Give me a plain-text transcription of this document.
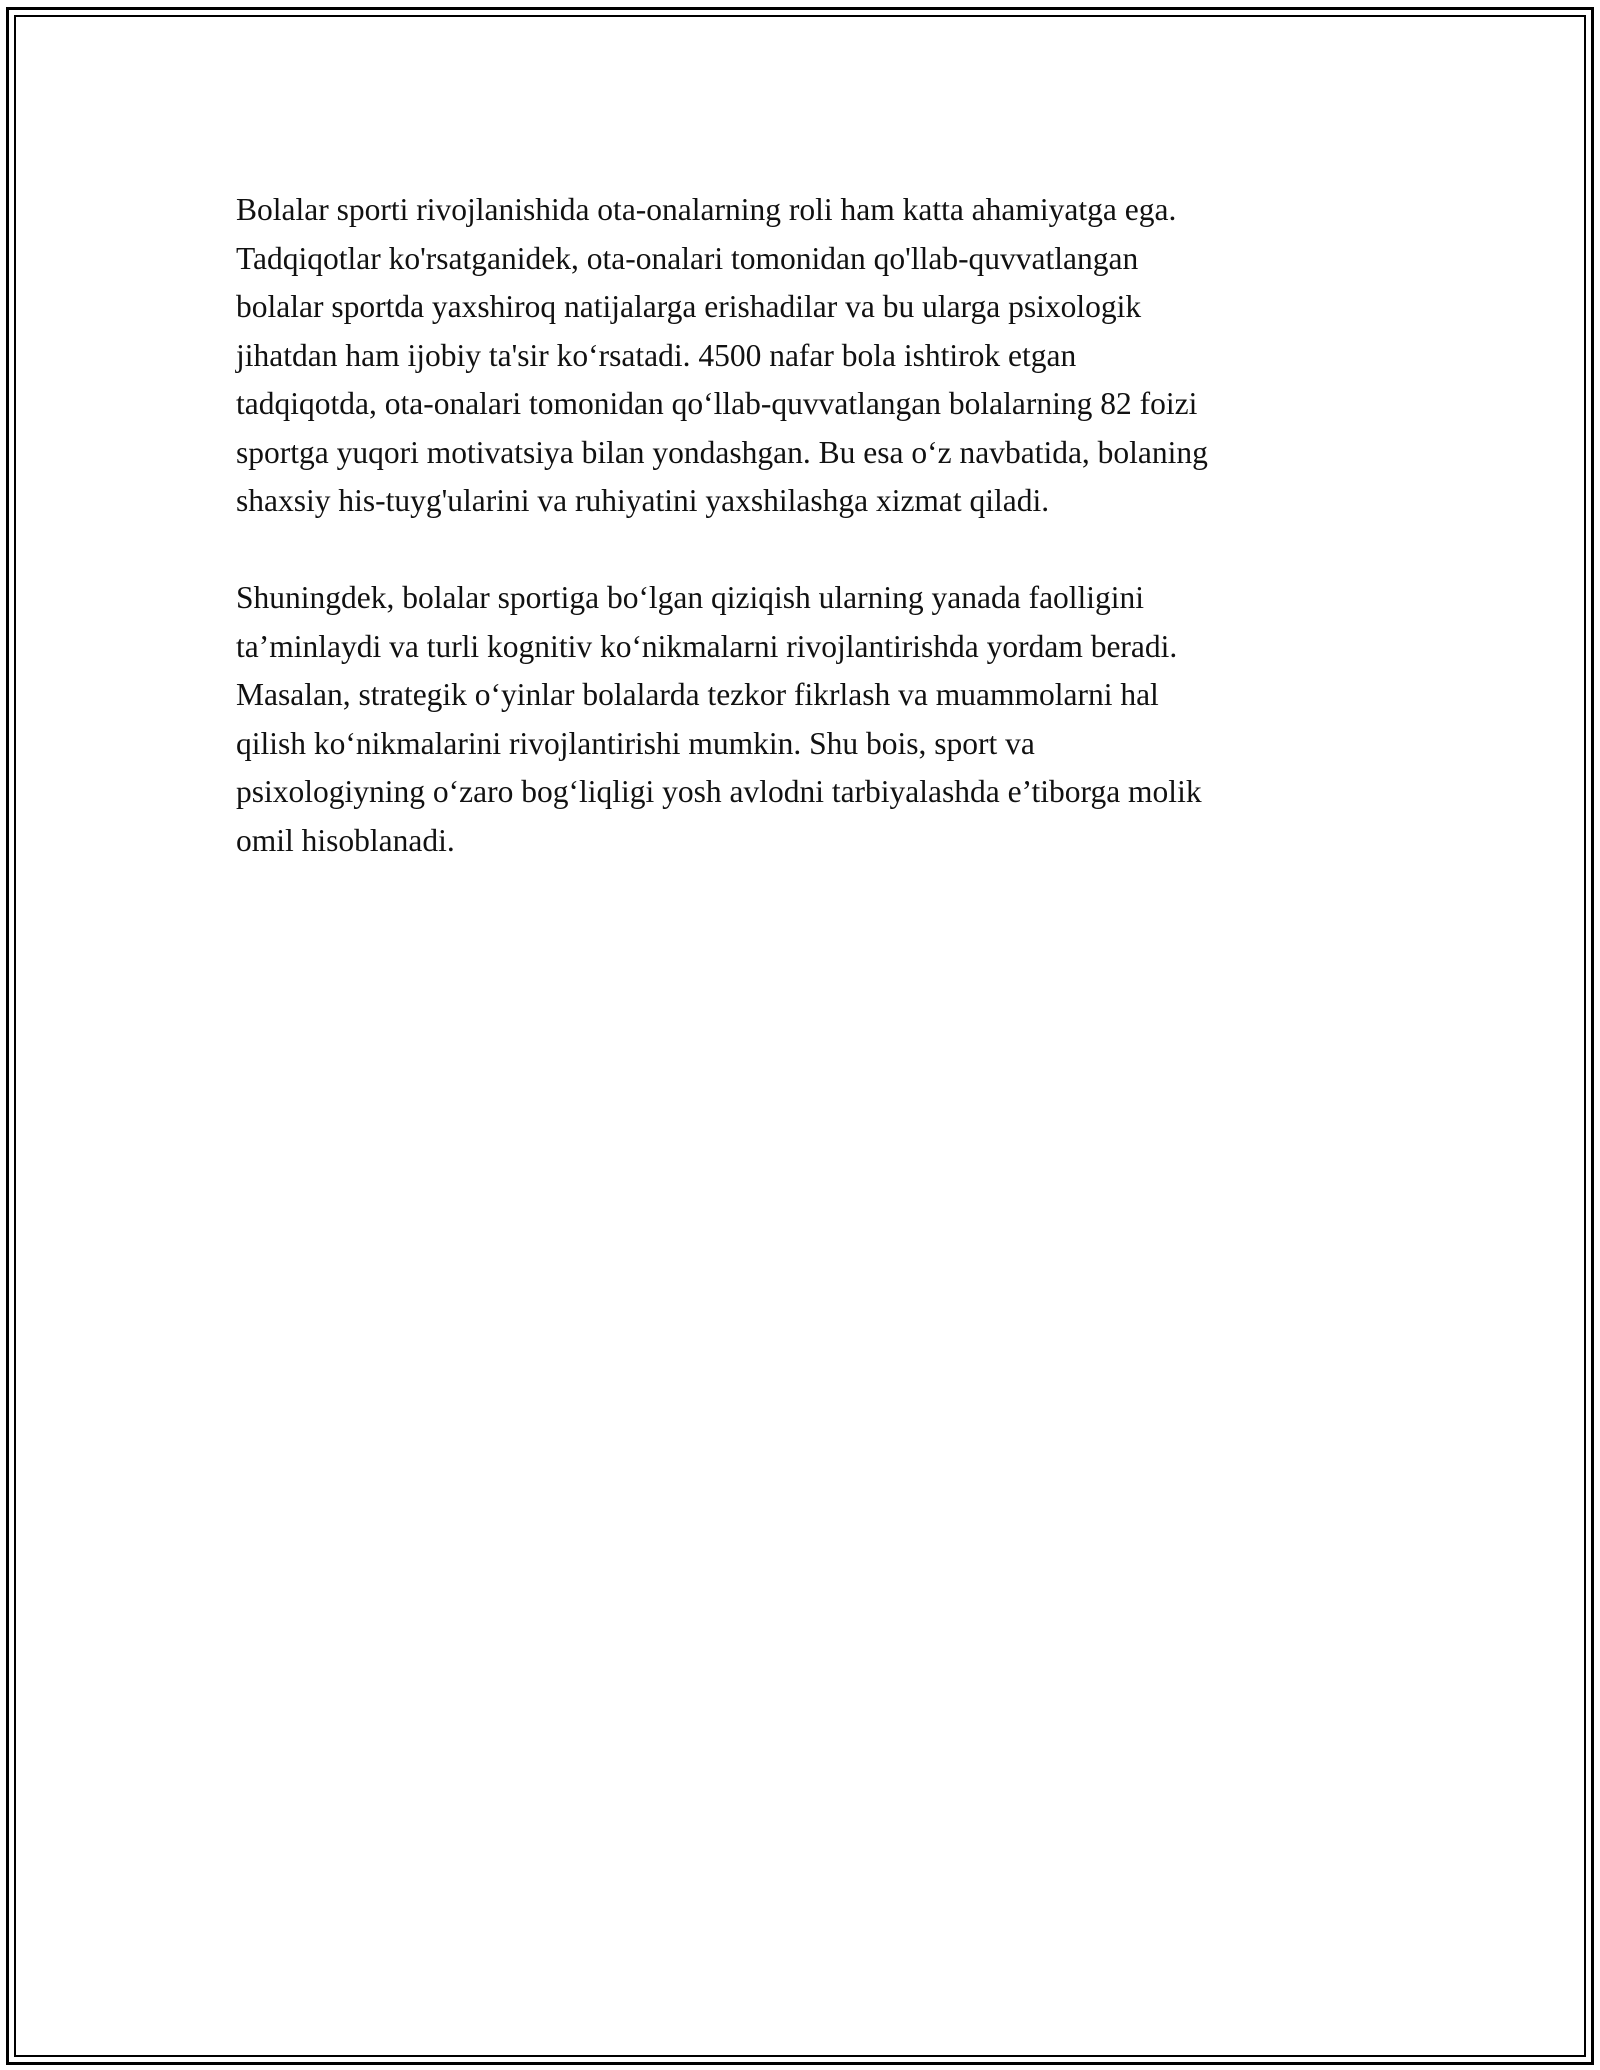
Bolalar sporti rivojlanishida ota-onalarning roli ham katta ahamiyatga ega.
Tadqiqotlar ko'rsatganidek, ota-onalari tomonidan qo'llab-quvvatlangan
bolalar sportda yaxshiroq natijalarga erishadilar va bu ularga psixologik
jihatdan ham ijobiy ta'sir koʻrsatadi. 4500 nafar bola ishtirok etgan
tadqiqotda, ota-onalari tomonidan qoʻllab-quvvatlangan bolalarning 82 foizi
sportga yuqori motivatsiya bilan yondashgan. Bu esa oʻz navbatida, bolaning
shaxsiy his-tuyg'ularini va ruhiyatini yaxshilashga xizmat qiladi.

Shuningdek, bolalar sportiga boʻlgan qiziqish ularning yanada faolligini
ta’minlaydi va turli kognitiv koʻnikmalarni rivojlantirishda yordam beradi.
Masalan, strategik oʻyinlar bolalarda tezkor fikrlash va muammolarni hal
qilish koʻnikmalarini rivojlantirishi mumkin. Shu bois, sport va
psixologiyning oʻzaro bogʻliqligi yosh avlodni tarbiyalashda e’tiborga molik
omil hisoblanadi.
